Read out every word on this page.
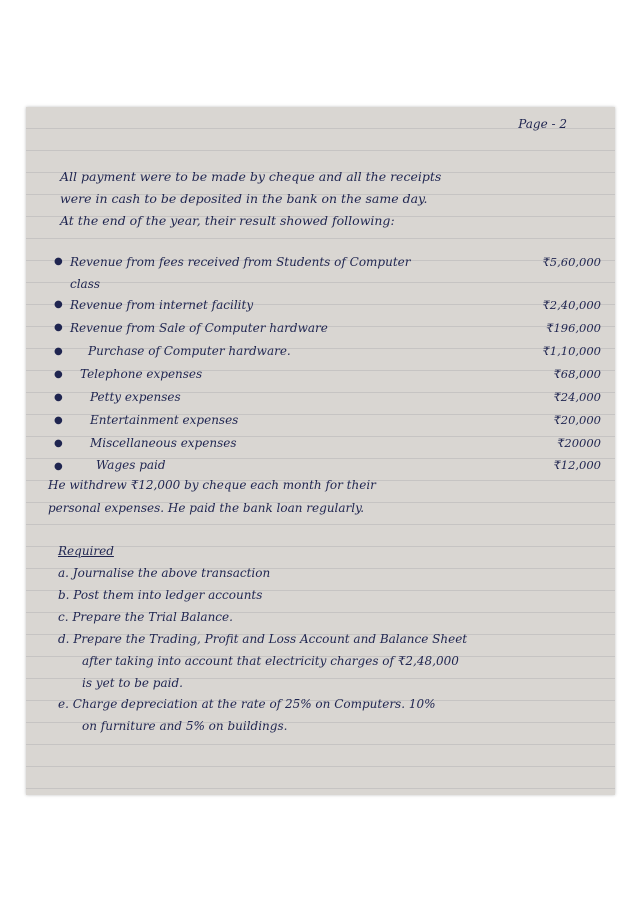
Page - 2
All payment were to be made by cheque and all the receipts
were in cash to be deposited in the bank on the same day.
At the end of the year, their result showed following:
● Revenue from fees received from Students of Computer	₹5,60,000
class
● Revenue from internet facility	₹2,40,000
● Revenue from Sale of Computer hardware	₹196,000
● Purchase of Computer hardware.	₹1,10,000
● Telephone expenses	₹68,000
● Petty expenses	₹24,000
● Entertainment expenses	₹20,000
● Miscellaneous expenses	₹20000
●	Wages paid	₹12,000
He withdrew ₹12,000 by cheque each month for their
personal expenses. He paid the bank loan regularly.
Required
a. Journalise the above transaction
b. Post them into ledger accounts
c. Prepare the Trial Balance.
d. Prepare the Trading, Profit and Loss Account and Balance Sheet
after taking into account that electricity charges of ₹2,48,000
is yet to be paid.
e. Charge depreciation at the rate of 25% on Computers. 10%
on furniture and 5% on buildings.
